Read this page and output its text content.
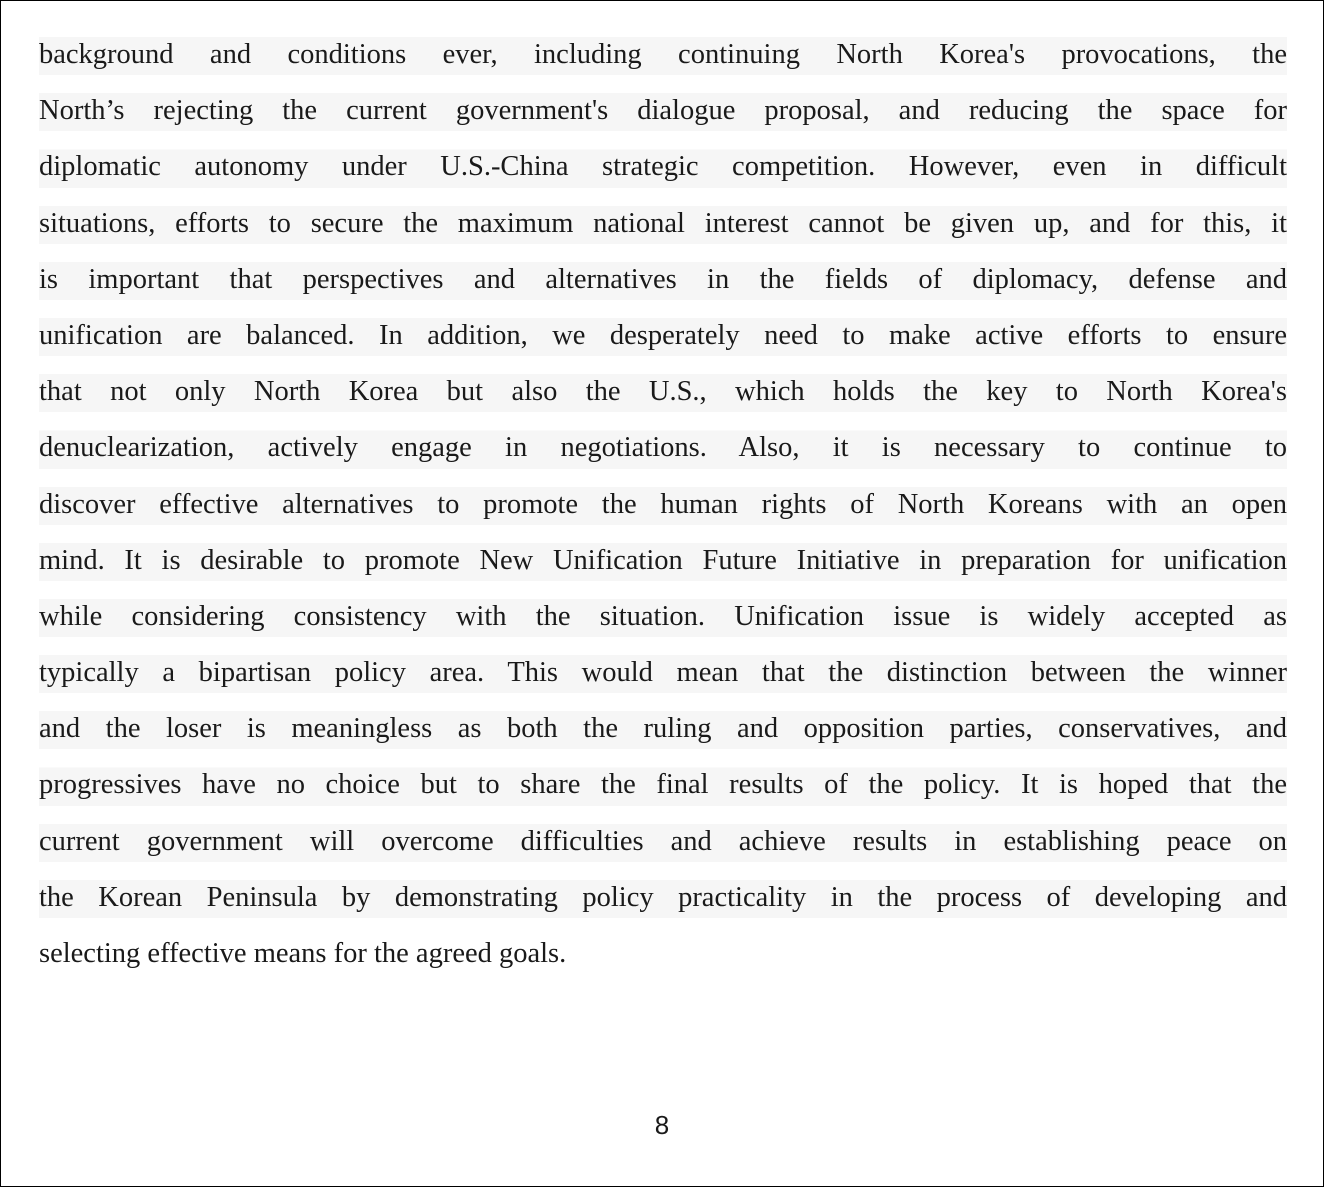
background and conditions ever, including continuing North Korea's provocations, the
North’s rejecting the current government's dialogue proposal, and reducing the space for
diplomatic autonomy under U.S.-China strategic competition. However, even in difficult
situations, efforts to secure the maximum national interest cannot be given up, and for this, it
is important that perspectives and alternatives in the fields of diplomacy, defense and
unification are balanced. In addition, we desperately need to make active efforts to ensure
that not only North Korea but also the U.S., which holds the key to North Korea's
denuclearization, actively engage in negotiations. Also, it is necessary to continue to
discover effective alternatives to promote the human rights of North Koreans with an open
mind. It is desirable to promote New Unification Future Initiative in preparation for unification
while considering consistency with the situation. Unification issue is widely accepted as
typically a bipartisan policy area. This would mean that the distinction between the winner
and the loser is meaningless as both the ruling and opposition parties, conservatives, and
progressives have no choice but to share the final results of the policy. It is hoped that the
current government will overcome difficulties and achieve results in establishing peace on
the Korean Peninsula by demonstrating policy practicality in the process of developing and
selecting effective means for the agreed goals.
8
